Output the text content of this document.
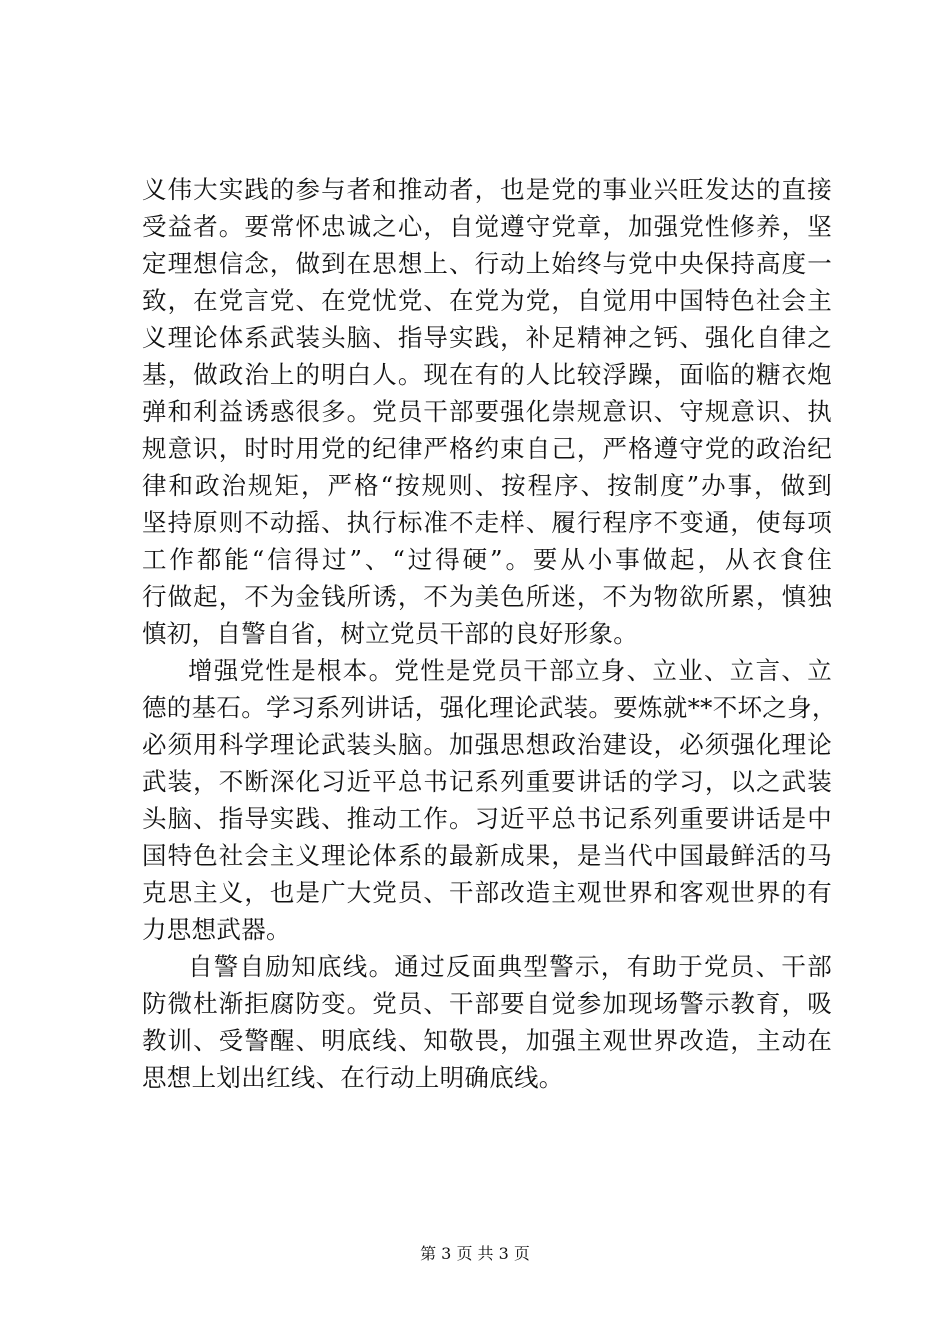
义伟大实践的参与者和推动者，也是党的事业兴旺发达的直接
受益者。要常怀忠诚之心，自觉遵守党章，加强党性修养，坚
定理想信念，做到在思想上、行动上始终与党中央保持高度一
致，在党言党、在党忧党、在党为党，自觉用中国特色社会主
义理论体系武装头脑、指导实践，补足精神之钙、强化自律之
基，做政治上的明白人。现在有的人比较浮躁，面临的糖衣炮
弹和利益诱惑很多。党员干部要强化崇规意识、守规意识、执
规意识，时时用党的纪律严格约束自己，严格遵守党的政治纪
律和政治规矩，严格“按规则、按程序、按制度”办事，做到
坚持原则不动摇、执行标准不走样、履行程序不变通，使每项
工作都能“信得过”、“过得硬”。要从小事做起，从衣食住
行做起，不为金钱所诱，不为美色所迷，不为物欲所累，慎独
慎初，自警自省，树立党员干部的良好形象。
增强党性是根本。党性是党员干部立身、立业、立言、立
德的基石。学习系列讲话，强化理论武装。要炼就**不坏之身，
必须用科学理论武装头脑。加强思想政治建设，必须强化理论
武装，不断深化习近平总书记系列重要讲话的学习，以之武装
头脑、指导实践、推动工作。习近平总书记系列重要讲话是中
国特色社会主义理论体系的最新成果，是当代中国最鲜活的马
克思主义，也是广大党员、干部改造主观世界和客观世界的有
力思想武器。
自警自励知底线。通过反面典型警示，有助于党员、干部
防微杜渐拒腐防变。党员、干部要自觉参加现场警示教育，吸
教训、受警醒、明底线、知敬畏，加强主观世界改造，主动在
思想上划出红线、在行动上明确底线。
第 3 页 共 3 页
